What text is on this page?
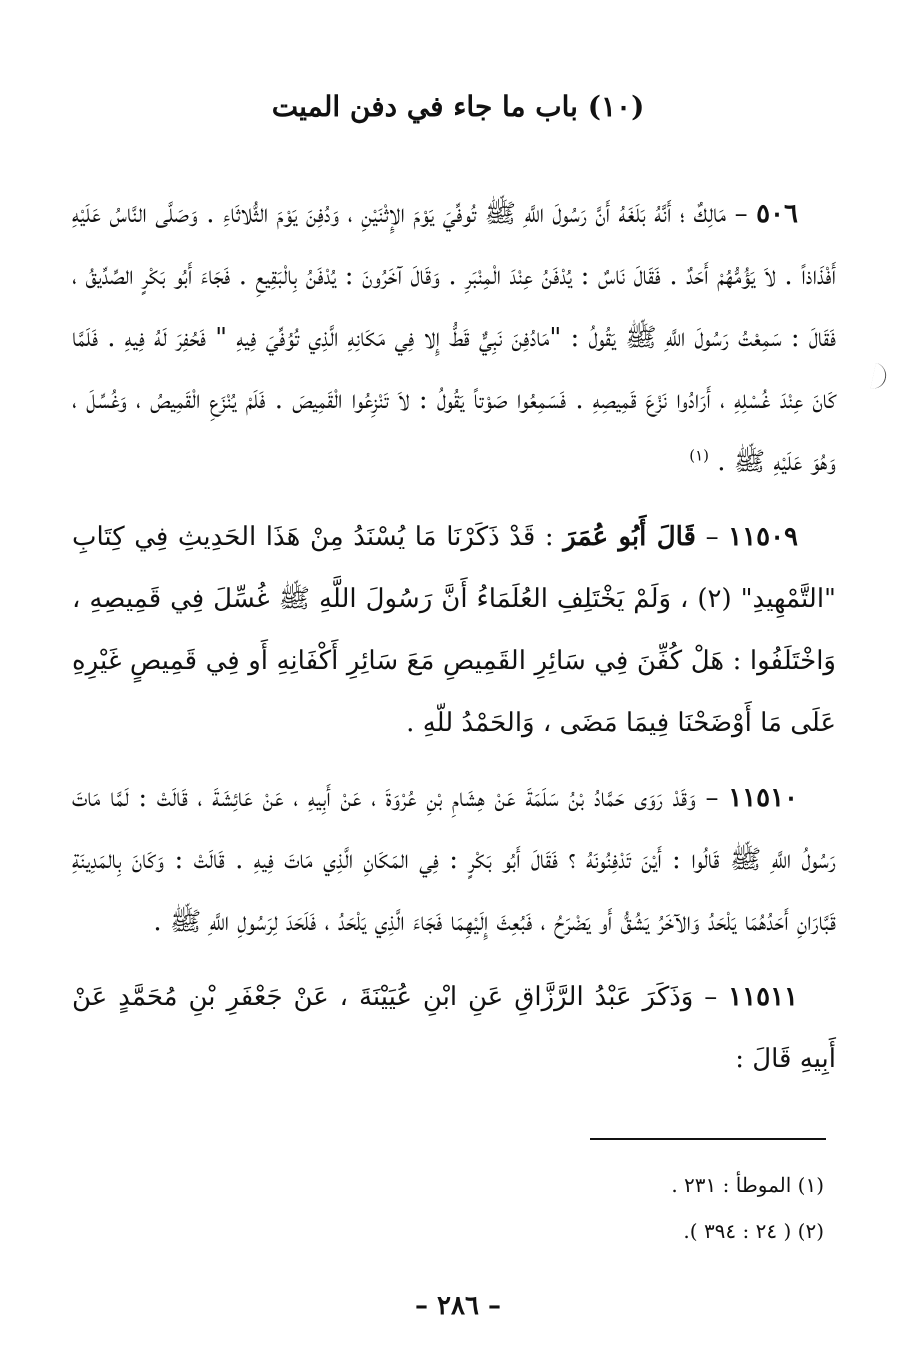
(١٠) باب ما جاء في دفن الميت

٥٠٦ – مَالِكٌ ؛ أَنَّهُ بَلَغَهُ أَنَّ رَسُولَ اللَّهِ ﷺ تُوفِّيَ يَوْمَ الإِثْنَيْنِ ، وَدُفِنَ يَوْمَ الثُّلاثَاءِ . وَصَلَّى النَّاسُ عَلَيْهِ أَفْذَاذاً . لاَ يَؤُمُّهُمْ أَحَدٌ . فَقَالَ نَاسٌ : يُدْفَنُ عِنْدَ الْمِنْبَرِ . وَقَالَ آخَرُونَ : يُدْفَنُ بِالْبَقِيعِ . فَجَاءَ أَبُو بَكْرٍ الصِّدِّيقُ ، فَقَالَ : سَمِعْتُ رَسُولَ اللَّهِ ﷺ يَقُولُ : "مَادُفِنَ نَبِيٌّ قَطُّ إِلا فِي مَكَانِهِ الَّذِي تُوُفِّيَ فِيهِ " فَحُفِرَ لَهُ فِيهِ . فَلَمَّا كَانَ عِنْدَ غُسْلِهِ ، أَرَادُوا نَزْعَ قَمِيصِهِ . فَسَمِعُوا صَوْتاً يَقُولُ : لاَ تَنْزِعُوا الْقَمِيصَ . فَلَمْ يُنْزَعِ الْقَمِيصُ ، وَغُسِّلَ ، وَهُوَ عَلَيْهِ ﷺ . $^{(١)}$

١١٥٠٩ – قَالَ أَبُو عُمَرَ : قَدْ ذَكَرْنَا مَا يُسْنَدُ مِنْ هَذَا الحَدِيثِ فِي كِتَابِ "التَّمْهِيدِ" (٢) ، وَلَمْ يَخْتَلِفِ العُلَمَاءُ أَنَّ رَسُولَ اللَّهِ ﷺ غُسِّلَ فِي قَمِيصِهِ ، وَاخْتَلَفُوا : هَلْ كُفِّنَ فِي سَائِرِ القَمِيصِ مَعَ سَائِرِ أَكْفَانِهِ أَو فِي قَمِيصٍ غَيْرِهِ عَلَى مَا أَوْضَحْنَا فِيمَا مَضَى ، وَالحَمْدُ للّهِ .

١١٥١٠ – وَقَدْ رَوَى حَمَّادُ بْنُ سَلَمَةَ عَنْ هِشَامِ بْنِ عُرْوَةَ ، عَنْ أَبِيهِ ، عَنْ عَائِشَةَ ، قَالَتْ : لَمَّا مَاتَ رَسُولُ اللَّهِ ﷺ قَالُوا : أَيْنَ تَدْفِنُونَهُ ؟ فَقَالَ أَبُو بَكْرٍ : فِي المَكَانِ الَّذِي مَاتَ فِيهِ . قَالَتْ : وَكَانَ بِالمَدِينَةِ قَبَّارَانِ أَحَدُهُمَا يَلْحَدُ وَالآخَرُ يَشُقُّ أَو يَضْرَحُ ، فَبُعِثَ إِلَيْهِمَا فَجَاءَ الَّذِي يَلْحَدُ ، فَلَحَدَ لِرَسُولِ اللَّهِ ﷺ .

١١٥١١ – وَذَكَرَ عَبْدُ الرَّزَّاقِ عَنِ ابْنِ عُيَيْنَةَ ، عَنْ جَعْفَرِ بْنِ مُحَمَّدٍ عَنْ أَبِيهِ قَالَ :

(١) الموطأ : ٢٣١ .

(٢) ( ٢٤ : ٣٩٤ ).

– ٢٨٦ –
